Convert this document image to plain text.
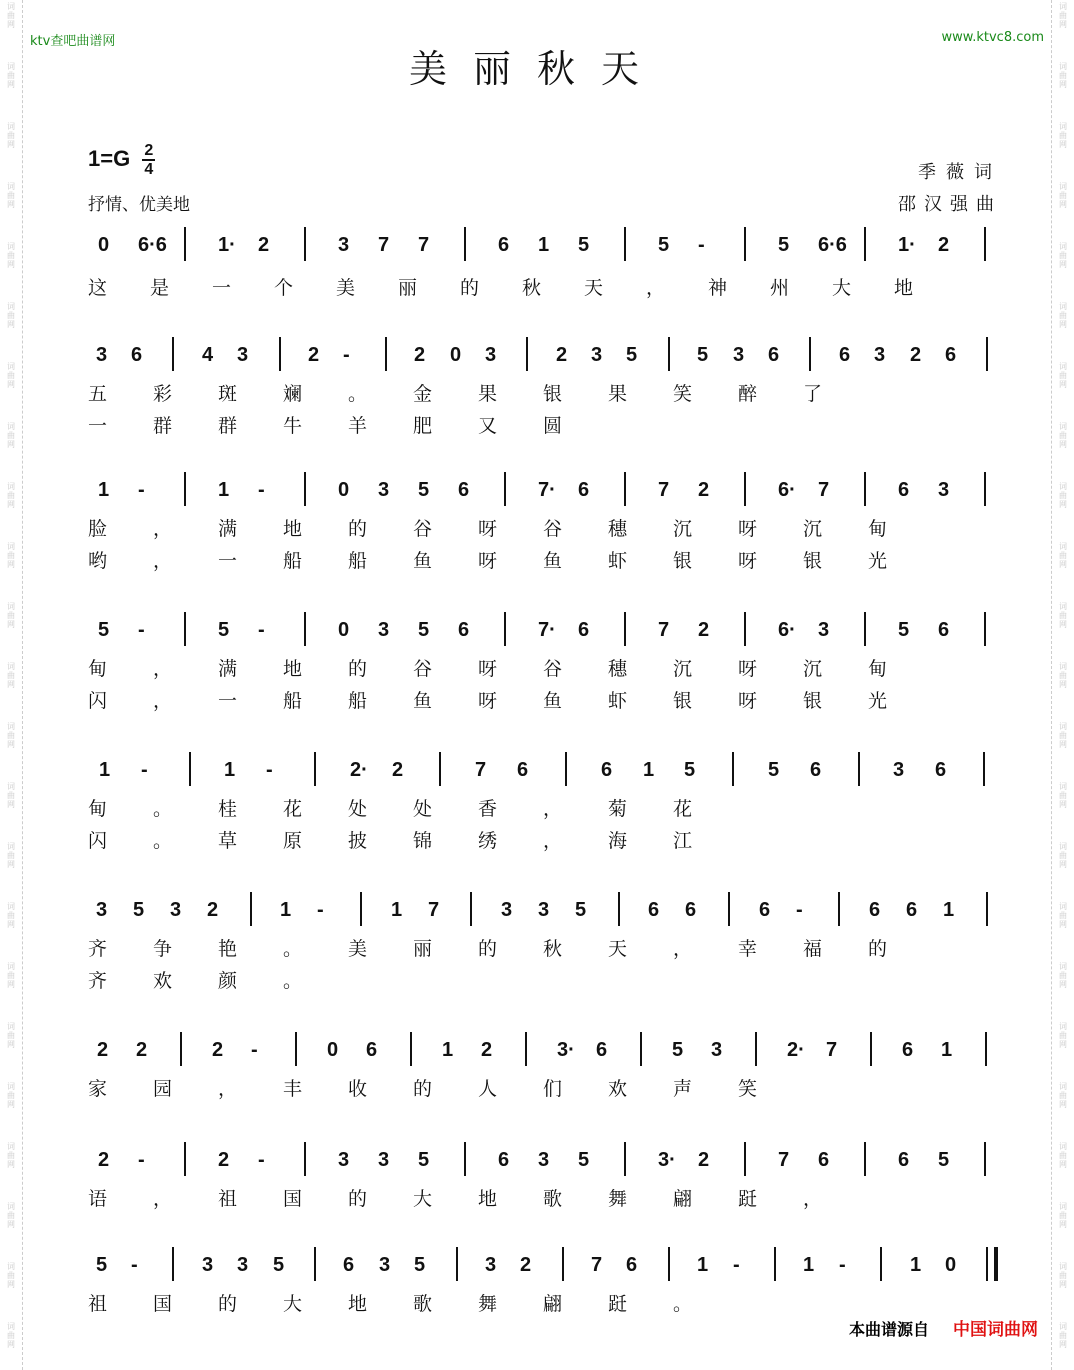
词
曲
网
词
曲
网
词
曲
网
词
曲
网
词
曲
网
词
曲
网
词
曲
网
词
曲
网
词
曲
网
词
曲
网
词
曲
网
词
曲
网
词
曲
网
词
曲
网
词
曲
网
词
曲
网
词
曲
网
词
曲
网
词
曲
网
词
曲
网
词
曲
网
词
曲
网
词
曲
网
词
曲
网
词
曲
网
词
曲
网
词
曲
网
词
曲
网
词
曲
网
词
曲
网
词
曲
网
词
曲
网
词
曲
网
词
曲
网
词
曲
网
词
曲
网
词
曲
网
词
曲
网
词
曲
网
词
曲
网
词
曲
网
词
曲
网
词
曲
网
词
曲
网
词
曲
网
词
曲
网
ktv查吧曲谱网	www.ktvc8.com
美丽秋天
$1=G \frac{2}{4}$
抒情、优美地
季薇词
邵汉强曲
0 6·6	1· 2	3 7 7	6 1 5	5 -	5 6·6	1· 2
这是一个美丽的秋天，神州大地
3 6	4 3	2 -	2 0 3	2 3 5	5 3 6	6 3 2 6
五彩斑斓。金果银果笑醉了
一群群牛羊肥又圆
1 -	1 -	0 3 5 6	7· 6	7 2	6· 7	6 3
脸，满地的谷呀谷穗沉呀沉甸
哟，一船船鱼呀鱼虾银呀银光
5 -	5 -	0 3 5 6	7· 6	7 2	6· 3	5 6
甸，满地的谷呀谷穗沉呀沉甸
闪，一船船鱼呀鱼虾银呀银光
1 -	1 -	2· 2	7 6	6 1 5	5 6	3 6
甸。桂花处处香，菊花
闪。草原披锦绣，海江
3 5 3 2	1 -	1 7	3 3 5	6 6	6 -	6 6 1
齐争艳。美丽的秋天，幸福的
齐欢颜。
2 2	2 -	0 6	1 2	3· 6	5 3	2· 7	6 1
家园，丰收的人们欢声笑
2 -	2 -	3 3 5	6 3 5	3· 2	7 6	6 5
语，祖国的大地歌舞翩跹，
5 -	3 3 5	6 3 5	3 2	7 6	1 -	1 -	1 0
祖国的大地歌舞翩跹。
本曲谱源自 中国词曲网
